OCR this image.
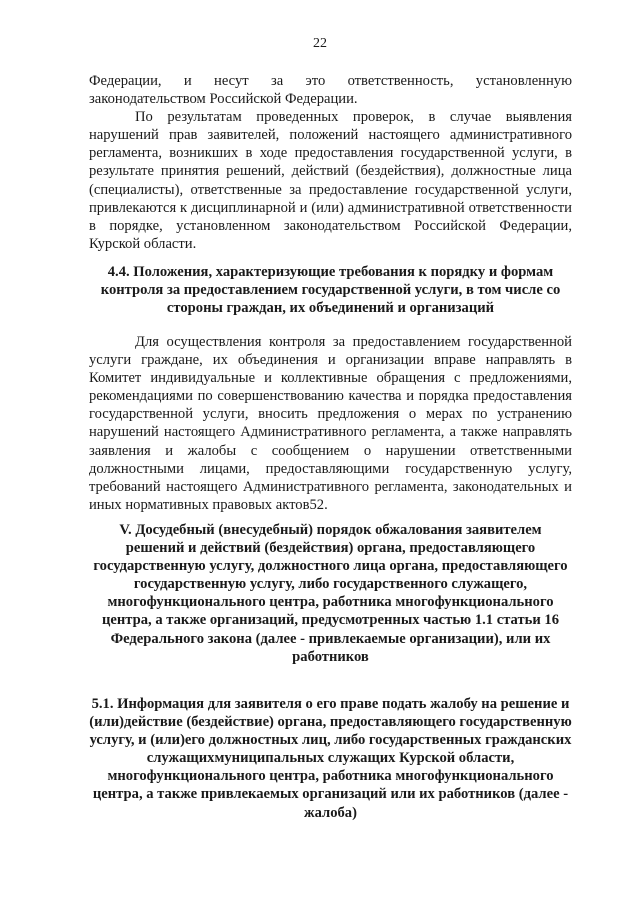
22

Федерации, и несут за это ответственность, установленную законодательством Российской Федерации.

По результатам проведенных проверок, в случае выявления нарушений прав заявителей, положений настоящего административного регламента, возникших в ходе предоставления государственной услуги, в результате принятия решений, действий (бездействия), должностные лица (специалисты), ответственные за предоставление государственной услуги, привлекаются к дисциплинарной и (или) административной ответственности в порядке, установленном законодательством Российской Федерации, Курской области.

4.4. Положения, характеризующие требования к порядку и формам контроля за предоставлением государственной услуги, в том числе со стороны граждан, их объединений и организаций

Для осуществления контроля за предоставлением государственной услуги граждане, их объединения и организации вправе направлять в Комитет индивидуальные и коллективные обращения с предложениями, рекомендациями по совершенствованию качества и порядка предоставления государственной услуги, вносить предложения о мерах по устранению нарушений настоящего Административного регламента, а также направлять заявления и жалобы с сообщением о нарушении ответственными должностными лицами, предоставляющими государственную услугу, требований настоящего Административного регламента, законодательных и иных нормативных правовых актов52.

V. Досудебный (внесудебный) порядок обжалования заявителем решений и действий (бездействия) органа, предоставляющего государственную услугу, должностного лица органа, предоставляющего государственную услугу, либо государственного служащего, многофункционального центра, работника многофункционального центра, а также организаций, предусмотренных частью 1.1 статьи 16 Федерального закона (далее - привлекаемые организации), или их работников
5.1. Информация для заявителя о его праве подать жалобу на решение и (или)действие (бездействие) органа, предоставляющего государственную услугу, и (или)его должностных лиц, либо государственных гражданских служащихмуниципальных служащих Курской области, многофункционального центра, работника многофункционального центра, а также привлекаемых организаций или их работников (далее - жалоба)
